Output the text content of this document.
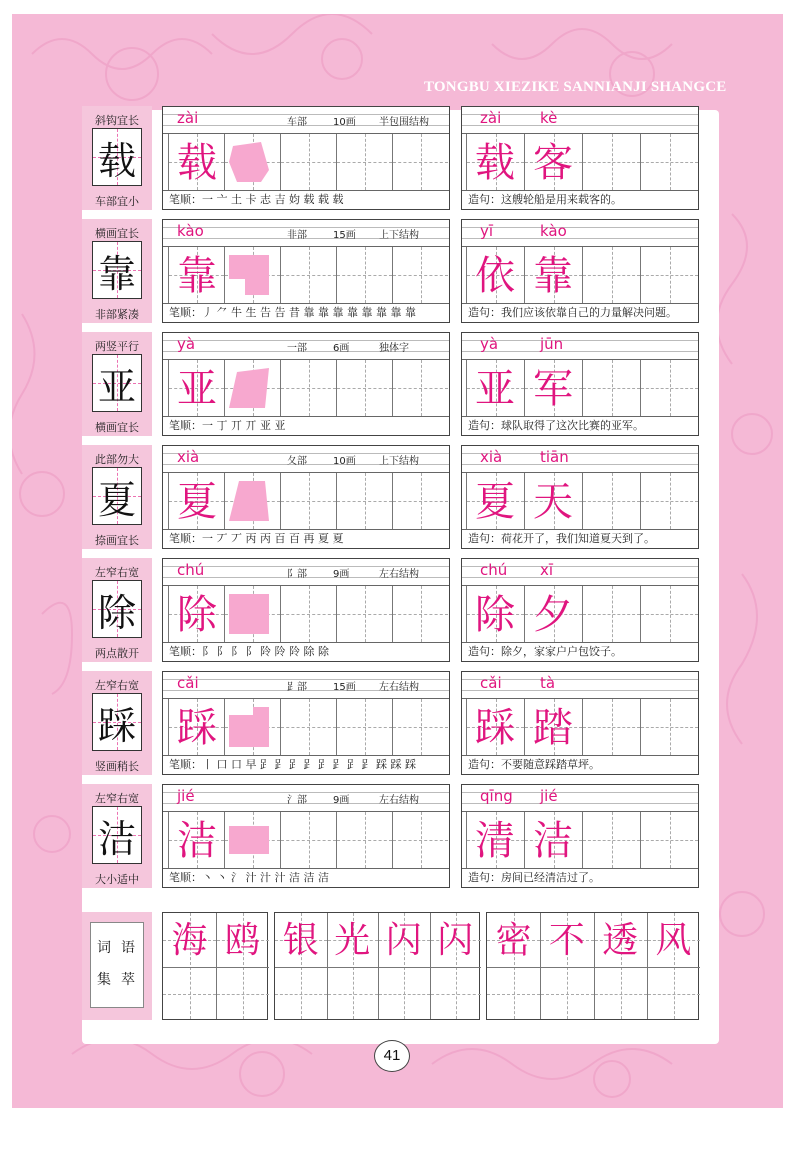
TONGBU XIEZIKE SANNIANJI SHANGCE
斜钩宜长
载
车部宜小
zài	车部	10画 半包围结构
载
笔顺：一 亠 土 卡 志 吉 㚬 载 载 载
zài	kè
载 客
造句：这艘轮船是用来载客的。
横画宜长
靠
非部紧凑
kào	非部	15画 上下结构
靠
笔顺：丿 ⺈ 牛 生 告 告 昔 靠 靠 靠 靠 靠 靠 靠 靠
yī	kào
依 靠
造句：我们应该依靠自己的力量解决问题。
两竖平行
亚
横画宜长
yà	一部	6画	独体字
亚
笔顺：一 丁 丌 丌 亚 亚
yà	jūn
亚 军
造句：球队取得了这次比赛的亚军。
此部勿大
夏
捺画宜长
xià	夂部	10画 上下结构
夏
笔顺：一 丆 丆 丙 丙 百 百 再 夏 夏
xià	tiān
夏 天
造句：荷花开了，我们知道夏天到了。
左窄右宽
除
两点散开
chú	阝部	9画	左右结构
除
笔顺：阝 阝 阝 阝 阾 阾 阾 除 除
chú xī
除 夕
造句：除夕，家家户户包饺子。
左窄右宽
踩
竖画稍长
cǎi	𧾷部	15画 左右结构
踩
笔顺：丨 口 口 早 𧾷 𧾷 𧾷 𧾷 𧾷 𧾷 𧾷 𧾷 踩 踩 踩
cǎi	tà
踩 踏
造句：不要随意踩踏草坪。
左窄右宽
洁
大小适中
jié	氵部	9画	左右结构
洁
笔顺：丶 丶 氵 汁 汁 汁 洁 洁 洁
qīng jié
清 洁
造句：房间已经清洁过了。
词 语
集 萃
海 鸥 银 光 闪 闪 密 不 透 风
41
